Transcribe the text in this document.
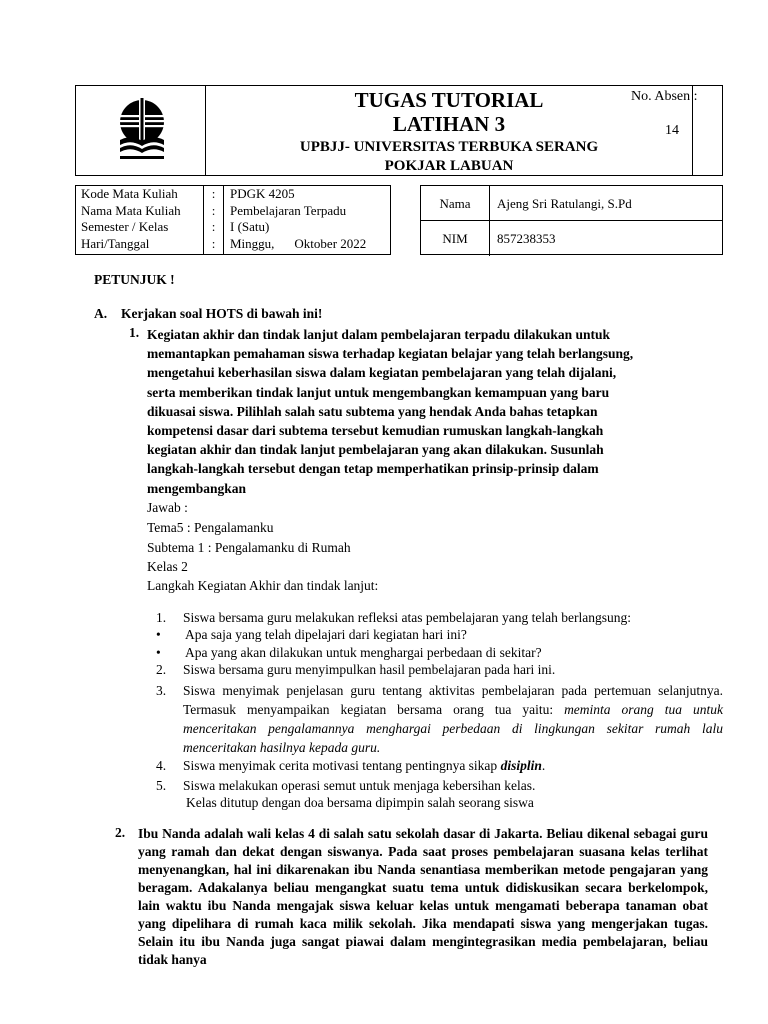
TUGAS TUTORIAL
LATIHAN 3
UPBJJ- UNIVERSITAS TERBUKA SERANG
POKJAR LABUAN
No. Absen :
14
Kode Mata Kuliah
Nama Mata Kuliah
Semester / Kelas
Hari/Tanggal
:
:
:
:
PDGK 4205
Pembelajaran Terpadu
I (Satu)
Minggu, Oktober 2022
Nama	Ajeng Sri Ratulangi, S.Pd
NIM	857238353
PETUNJUK !
A. Kerjakan soal HOTS di bawah ini!
1. Kegiatan akhir dan tindak lanjut dalam pembelajaran terpadu dilakukan untuk
memantapkan pemahaman siswa terhadap kegiatan belajar yang telah berlangsung,
mengetahui keberhasilan siswa dalam kegiatan pembelajaran yang telah dijalani,
serta memberikan tindak lanjut untuk mengembangkan kemampuan yang baru
dikuasai siswa. Pilihlah salah satu subtema yang hendak Anda bahas tetapkan
kompetensi dasar dari subtema tersebut kemudian rumuskan langkah-langkah
kegiatan akhir dan tindak lanjut pembelajaran yang akan dilakukan. Susunlah
langkah-langkah tersebut dengan tetap memperhatikan prinsip-prinsip dalam
mengembangkan
Jawab :
Tema5 : Pengalamanku
Subtema 1 : Pengalamanku di Rumah
Kelas 2
Langkah Kegiatan Akhir dan tindak lanjut:
1. Siswa bersama guru melakukan refleksi atas pembelajaran yang telah berlangsung:
• Apa saja yang telah dipelajari dari kegiatan hari ini?
• Apa yang akan dilakukan untuk menghargai perbedaan di sekitar?
2. Siswa bersama guru menyimpulkan hasil pembelajaran pada hari ini.
3. Siswa menyimak penjelasan guru tentang aktivitas pembelajaran pada pertemuan selanjutnya. Termasuk menyampaikan kegiatan bersama orang tua yaitu: meminta orang tua untuk menceritakan pengalamannya menghargai perbedaan di lingkungan sekitar rumah lalu menceritakan hasilnya kepada guru.
4. Siswa menyimak cerita motivasi tentang pentingnya sikap disiplin.
5. Siswa melakukan operasi semut untuk menjaga kebersihan kelas.
Kelas ditutup dengan doa bersama dipimpin salah seorang siswa
2. Ibu Nanda adalah wali kelas 4 di salah satu sekolah dasar di Jakarta. Beliau dikenal sebagai guru yang ramah dan dekat dengan siswanya. Pada saat proses pembelajaran suasana kelas terlihat menyenangkan, hal ini dikarenakan ibu Nanda senantiasa memberikan metode pengajaran yang beragam. Adakalanya beliau mengangkat suatu tema untuk didiskusikan secara berkelompok, lain waktu ibu Nanda mengajak siswa keluar kelas untuk mengamati beberapa tanaman obat yang dipelihara di rumah kaca milik sekolah. Jika mendapati siswa yang mengerjakan tugas. Selain itu ibu Nanda juga sangat piawai dalam mengintegrasikan media pembelajaran, beliau tidak hanya
